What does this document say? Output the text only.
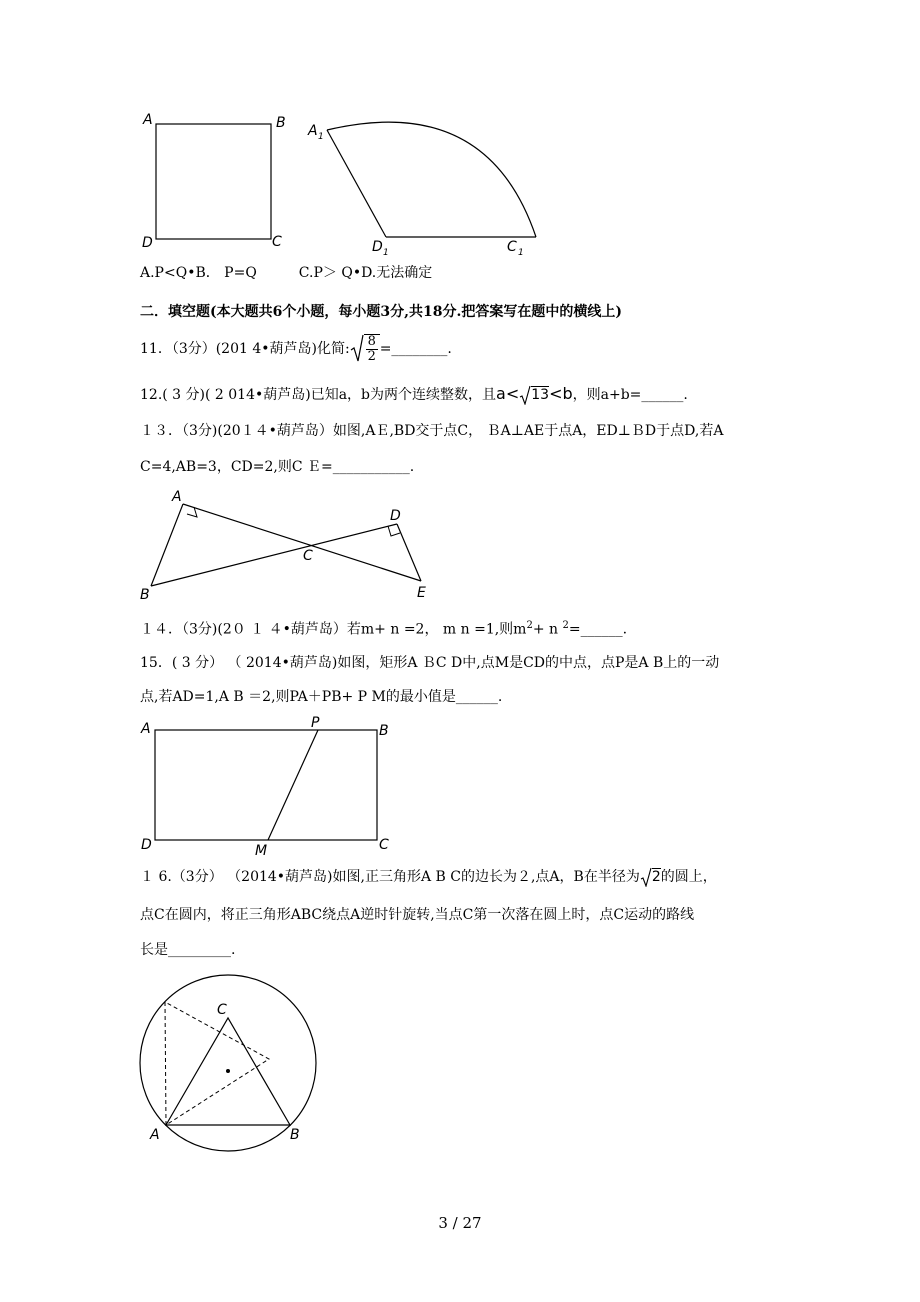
A	B
C
D
A 1
D 1	C 1
A.P<Q•B． P=Q　　　C.P＞ Q•D.无法确定
二．填空题(本大题共6个小题，每小题3分,共18分.把答案写在题中的横线上)
11．（3分）(201 4•葫芦岛)化简: $\frac{8}{2}$ =________.
12.( 3 分)( 2 014•葫芦岛)已知a，b为两个连续整数，且a< 13<b，则a+b=______.
１３．（3分)(20１４•葫芦岛）如图,AＥ,BD交于点C， ＢA⊥AE于点A，ED⊥ＢD于点D,若A
C=4,AB=3，CD=2,则C Ｅ=___________.
A
B
C
D
E
１４．（3分)(2０ １ ４•葫芦岛）若m+ n =2， m n =1,则$m^2+ n$ $^2$=______.
15．( 3 分） （ 2014•葫芦岛)如图，矩形A ＢC D中,点M是CD的中点，点P是A B上的一动
点,若AD=1,A B ＝2,则PA＋PB+ P M的最小值是______.
A	B
C
D
P
M
１ 6.（3分） （2014•葫芦岛)如图,正三角形A B C的边长为２,点A，B在半径为 2的圆上，
点C在圆内，将正三角形ABC绕点A逆时针旋转,当点C第一次落在圆上时，点C运动的路线
长是_________.
C
A	B
3 / 27
